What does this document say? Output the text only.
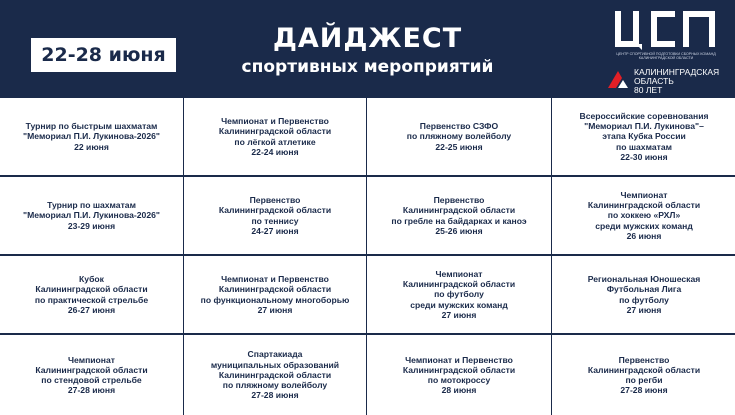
22-28 июня
ДАЙДЖЕСТ
спортивных мероприятий
ЦЕНТР СПОРТИВНОЙ ПОДГОТОВКИ СБОРНЫХ КОМАНД КАЛИНИНГРАДСКОЙ ОБЛАСТИ
КАЛИНИНГРАДСКАЯ
ОБЛАСТЬ
80 ЛЕТ
Турнир по быстрым шахматам
"Мемориал П.И. Лукинова-2026"
22 июня
Чемпионат и Первенство
Калининградской области
по лёгкой атлетике
22-24 июня
Первенство СЗФО
по пляжному волейболу
22-25 июня
Всероссийские соревнования
"Мемориал П.И. Лукинова"–
этапа Кубка России
по шахматам
22-30 июня
Турнир по шахматам
"Мемориал П.И. Лукинова-2026"
23-29 июня
Первенство
Калининградской области
по теннису
24-27 июня
Первенство
Калининградской области
по гребле на байдарках и каноэ
25-26 июня
Чемпионат
Калининградской области
по хоккею «РХЛ»
среди мужских команд
26 июня
Кубок
Калининградской области
по практической стрельбе
26-27 июня
Чемпионат и Первенство
Калининградской области
по функциональному многоборью
27 июня
Чемпионат
Калининградской области
по футболу
среди мужских команд
27 июня
Региональная Юношеская
Футбольная Лига
по футболу
27 июня
Чемпионат
Калининградской области
по стендовой стрельбе
27-28 июня
Спартакиада
муниципальных образований
Калининградской области
по пляжному волейболу
27-28 июня
Чемпионат и Первенство
Калининградской области
по мотокроссу
28 июня
Первенство
Калининградской области
по регби
27-28 июня
